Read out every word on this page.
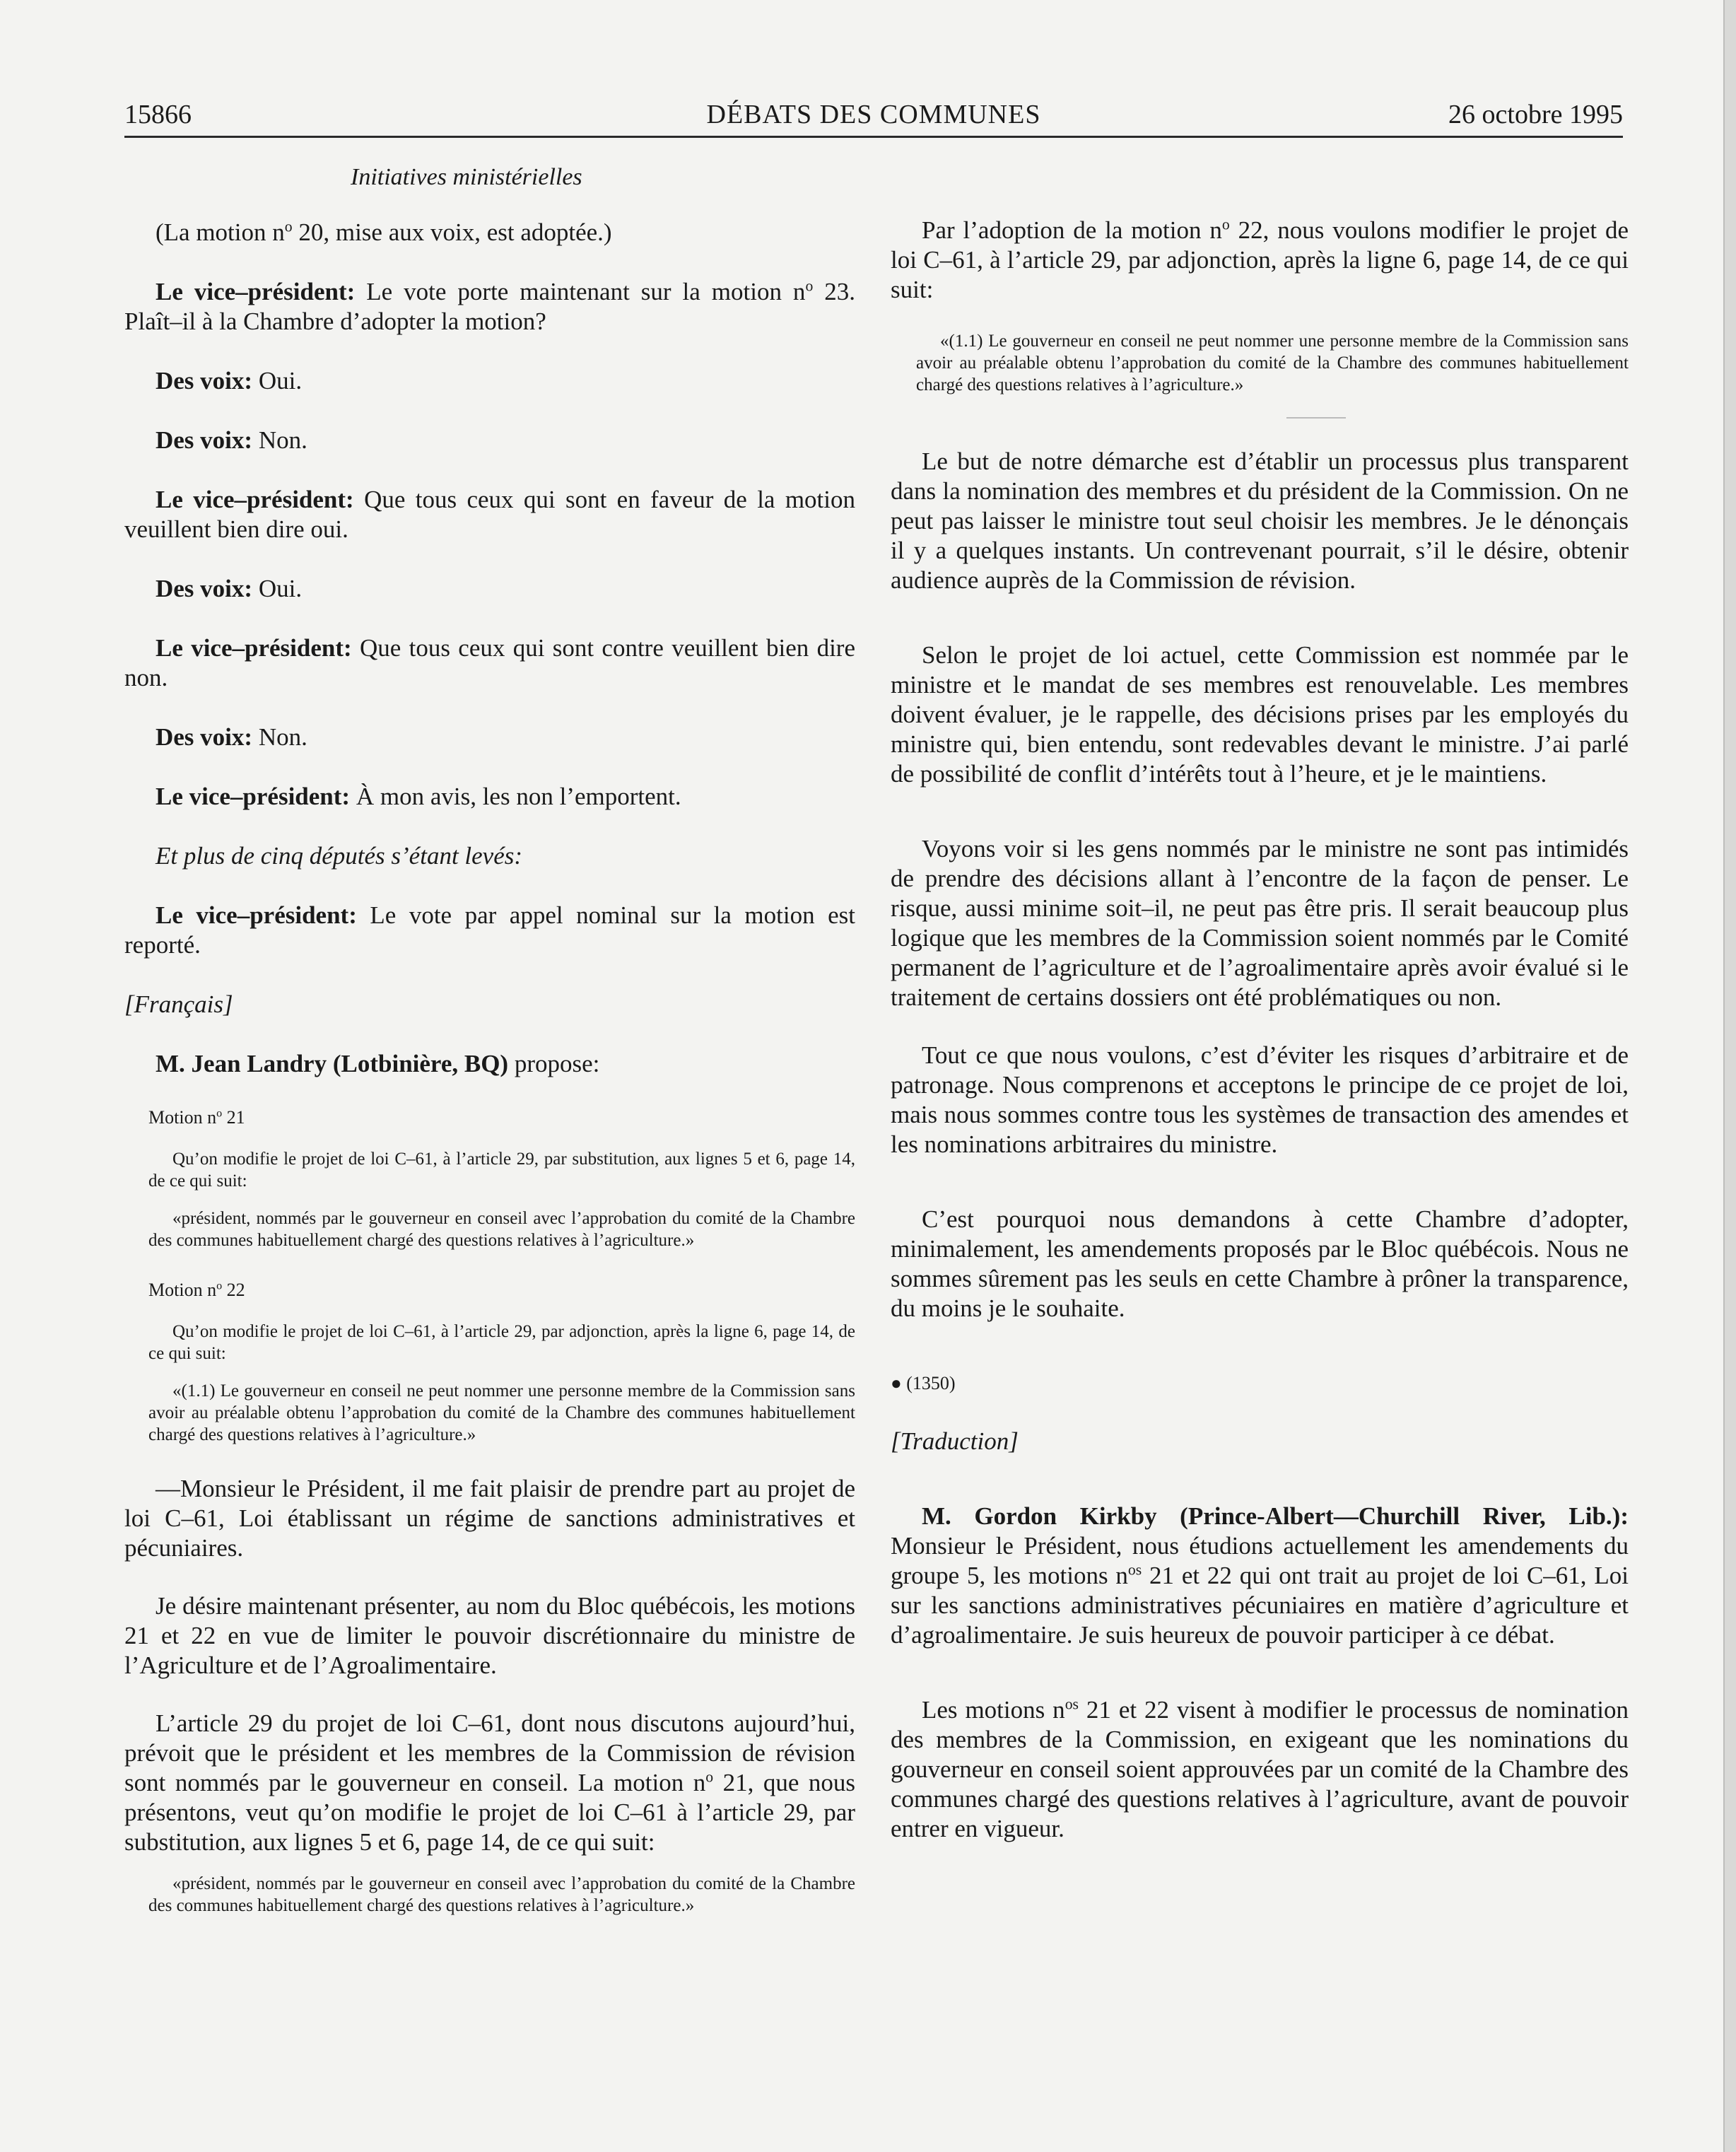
15866	DÉBATS DES COMMUNES	26 octobre 1995

Initiatives ministérielles

(La motion $n^o$ 20, mise aux voix, est adoptée.)

Le vice–président: Le vote porte maintenant sur la motion $n^o$ 23. Plaît–il à la Chambre d’adopter la motion?

Des voix: Oui.

Des voix: Non.

Le vice–président: Que tous ceux qui sont en faveur de la motion veuillent bien dire oui.

Des voix: Oui.

Le vice–président: Que tous ceux qui sont contre veuillent bien dire non.

Des voix: Non.

Le vice–président: À mon avis, les non l’emportent.

Et plus de cinq députés s’étant levés:

Le vice–président: Le vote par appel nominal sur la motion est reporté.

[Français]

M. Jean Landry (Lotbinière, BQ) propose:

Motion $n^o$ 21

Qu’on modifie le projet de loi C–61, à l’article 29, par substitution, aux lignes 5 et 6, page 14, de ce qui suit:

«président, nommés par le gouverneur en conseil avec l’approbation du comité de la Chambre des communes habituellement chargé des questions relatives à l’agriculture.»

Motion $n^o$ 22

Qu’on modifie le projet de loi C–61, à l’article 29, par adjonction, après la ligne 6, page 14, de ce qui suit:

«(1.1) Le gouverneur en conseil ne peut nommer une personne membre de la Commission sans avoir au préalable obtenu l’approbation du comité de la Chambre des communes habituellement chargé des questions relatives à l’agriculture.»

—Monsieur le Président, il me fait plaisir de prendre part au projet de loi C–61, Loi établissant un régime de sanctions administratives et pécuniaires.

Je désire maintenant présenter, au nom du Bloc québécois, les motions 21 et 22 en vue de limiter le pouvoir discrétionnaire du ministre de l’Agriculture et de l’Agroalimentaire.

L’article 29 du projet de loi C–61, dont nous discutons aujourd’hui, prévoit que le président et les membres de la Commission de révision sont nommés par le gouverneur en conseil. La motion $n^o$ 21, que nous présentons, veut qu’on modifie le projet de loi C–61 à l’article 29, par substitution, aux lignes 5 et 6, page 14, de ce qui suit:

«président, nommés par le gouverneur en conseil avec l’approbation du comité de la Chambre des communes habituellement chargé des questions relatives à l’agriculture.»

Par l’adoption de la motion $n^o$ 22, nous voulons modifier le projet de loi C–61, à l’article 29, par adjonction, après la ligne 6, page 14, de ce qui suit:

«(1.1) Le gouverneur en conseil ne peut nommer une personne membre de la Commission sans avoir au préalable obtenu l’approbation du comité de la Chambre des communes habituellement chargé des questions relatives à l’agriculture.»

Le but de notre démarche est d’établir un processus plus transparent dans la nomination des membres et du président de la Commission. On ne peut pas laisser le ministre tout seul choisir les membres. Je le dénonçais il y a quelques instants. Un contrevenant pourrait, s’il le désire, obtenir audience auprès de la Commission de révision.

Selon le projet de loi actuel, cette Commission est nommée par le ministre et le mandat de ses membres est renouvelable. Les membres doivent évaluer, je le rappelle, des décisions prises par les employés du ministre qui, bien entendu, sont redevables devant le ministre. J’ai parlé de possibilité de conflit d’intérêts tout à l’heure, et je le maintiens.

Voyons voir si les gens nommés par le ministre ne sont pas intimidés de prendre des décisions allant à l’encontre de la façon de penser. Le risque, aussi minime soit–il, ne peut pas être pris. Il serait beaucoup plus logique que les membres de la Commission soient nommés par le Comité permanent de l’agriculture et de l’agroalimentaire après avoir évalué si le traitement de certains dossiers ont été problématiques ou non.

Tout ce que nous voulons, c’est d’éviter les risques d’arbitraire et de patronage. Nous comprenons et acceptons le principe de ce projet de loi, mais nous sommes contre tous les systèmes de transaction des amendes et les nominations arbitraires du ministre.

C’est pourquoi nous demandons à cette Chambre d’adopter, minimalement, les amendements proposés par le Bloc québécois. Nous ne sommes sûrement pas les seuls en cette Chambre à prôner la transparence, du moins je le souhaite.

● (1350)

[Traduction]

M. Gordon Kirkby (Prince-Albert—Churchill River, Lib.): Monsieur le Président, nous étudions actuellement les amendements du groupe 5, les motions $n^{os}$ 21 et 22 qui ont trait au projet de loi C–61, Loi sur les sanctions administratives pécuniaires en matière d’agriculture et d’agroalimentaire. Je suis heureux de pouvoir participer à ce débat.

Les motions $n^{os}$ 21 et 22 visent à modifier le processus de nomination des membres de la Commission, en exigeant que les nominations du gouverneur en conseil soient approuvées par un comité de la Chambre des communes chargé des questions relatives à l’agriculture, avant de pouvoir entrer en vigueur.
